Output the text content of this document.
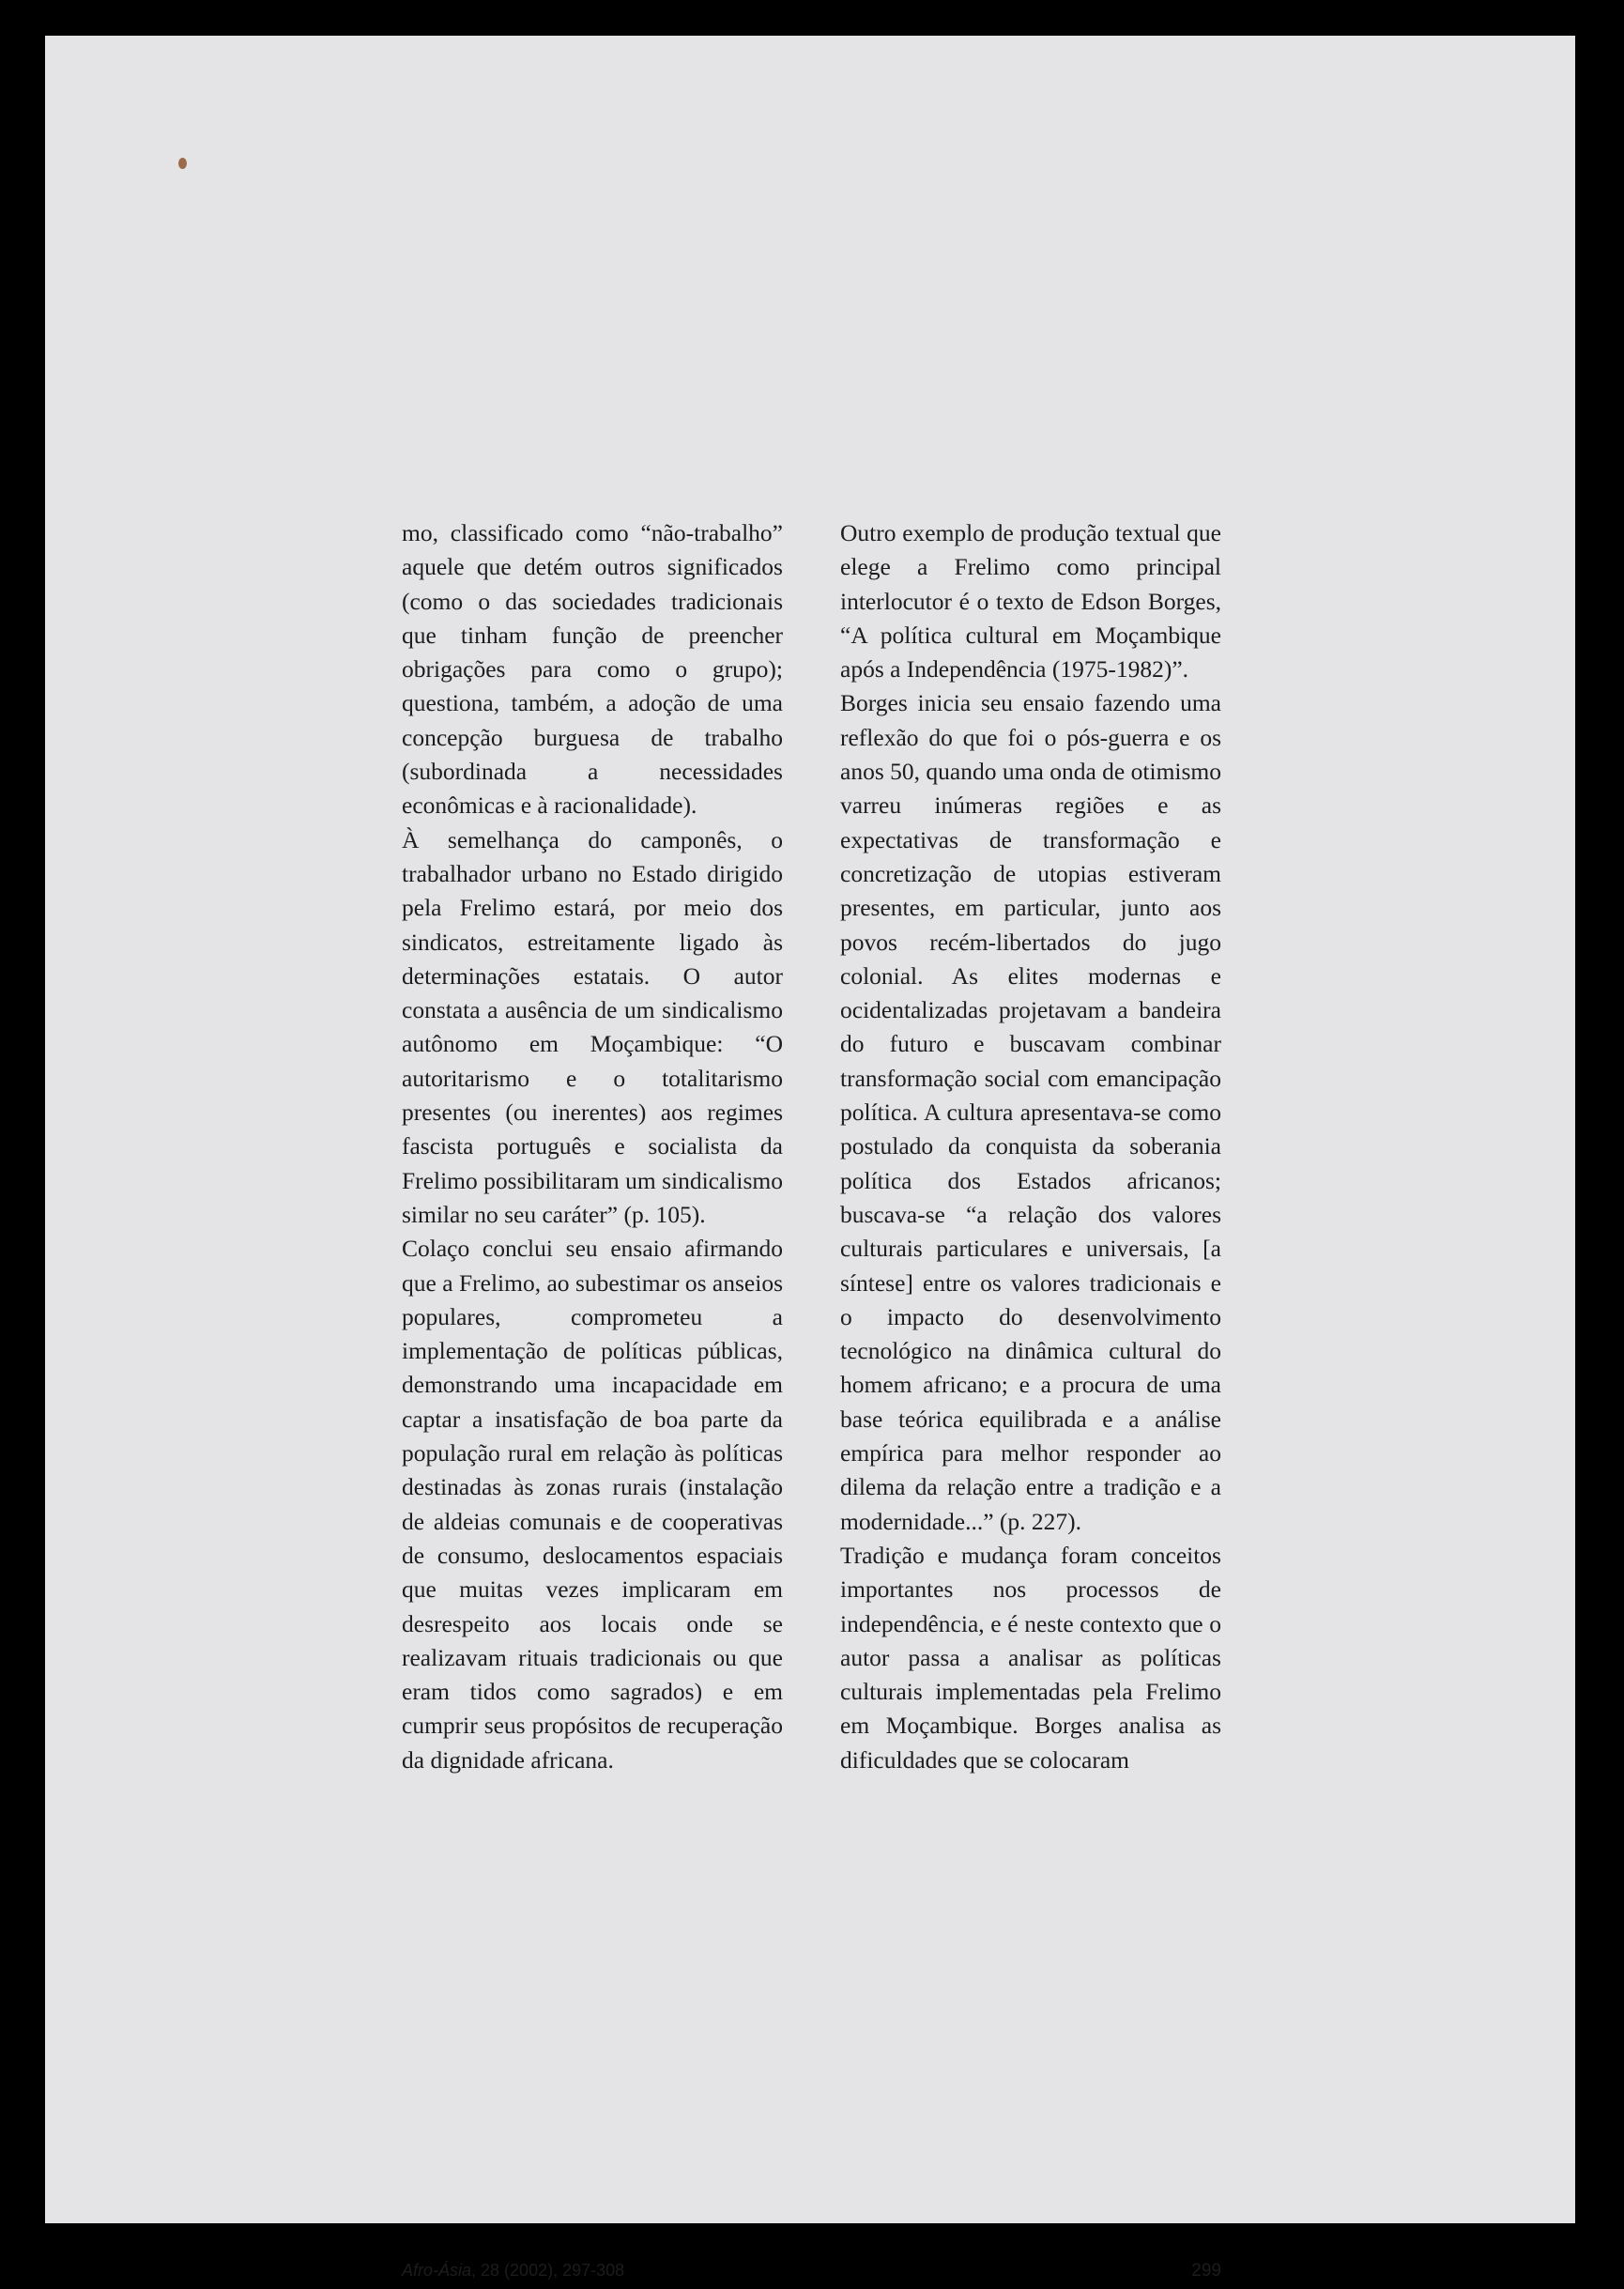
mo, classificado como “não-trabalho” aquele que detém outros significados (como o das sociedades tradicionais que tinham função de preencher obrigações para como o grupo); questiona, também, a adoção de uma concepção burguesa de trabalho (subordinada a necessidades econômicas e à racionalidade).

À semelhança do camponês, o trabalhador urbano no Estado dirigido pela Frelimo estará, por meio dos sindicatos, estreitamente ligado às determinações estatais. O autor constata a ausência de um sindicalismo autônomo em Moçambique: “O autoritarismo e o totalitarismo presentes (ou inerentes) aos regimes fascista português e socialista da Frelimo possibilitaram um sindicalismo similar no seu caráter” (p. 105).

Colaço conclui seu ensaio afirmando que a Frelimo, ao subestimar os anseios populares, comprometeu a implementação de políticas públicas, demonstrando uma incapacidade em captar a insatisfação de boa parte da população rural em relação às políticas destinadas às zonas rurais (instalação de aldeias comunais e de cooperativas de consumo, deslocamentos espaciais que muitas vezes implicaram em desrespeito aos locais onde se realizavam rituais tradicionais ou que eram tidos como sagrados) e em cumprir seus propósitos de recuperação da dignidade africana.

Outro exemplo de produção textual que elege a Frelimo como principal interlocutor é o texto de Edson Borges, “A política cultural em Moçambique após a Independência (1975-1982)”.

Borges inicia seu ensaio fazendo uma reflexão do que foi o pós-guerra e os anos 50, quando uma onda de otimismo varreu inúmeras regiões e as expectativas de transformação e concretização de utopias estiveram presentes, em particular, junto aos povos recém-libertados do jugo colonial. As elites modernas e ocidentalizadas projetavam a bandeira do futuro e buscavam combinar transformação social com emancipação política. A cultura apresentava-se como postulado da conquista da soberania política dos Estados africanos; buscava-se “a relação dos valores culturais particulares e universais, [a síntese] entre os valores tradicionais e o impacto do desenvolvimento tecnológico na dinâmica cultural do homem africano; e a procura de uma base teórica equilibrada e a análise empírica para melhor responder ao dilema da relação entre a tradição e a modernidade...” (p. 227).

Tradição e mudança foram conceitos importantes nos processos de independência, e é neste contexto que o autor passa a analisar as políticas culturais implementadas pela Frelimo em Moçambique. Borges analisa as dificuldades que se colocaram

Afro-Ásia, 28 (2002), 297-308	299
